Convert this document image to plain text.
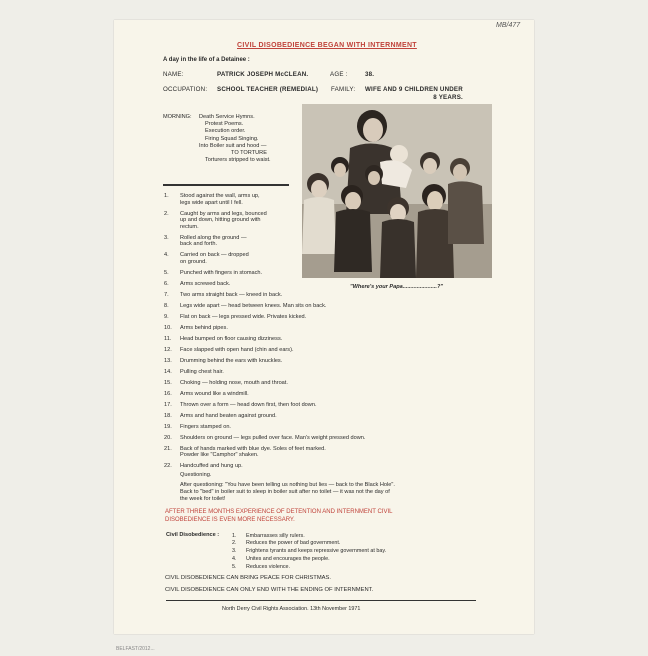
MB/477
BELFAST/2012...
CIVIL DISOBEDIENCE BEGAN WITH INTERNMENT
A day in the life of a Detainee :
NAME:	PATRICK JOSEPH McCLEAN.	AGE :	38.
OCCUPATION: SCHOOL TEACHER (REMEDIAL) FAMILY: WIFE AND 9 CHILDREN UNDER
8 YEARS.
MORNING: Death Service Hymns.
Protest Poems.
Execution order.
Firing Squad Singing.
Into Boiler suit and hood —
TO TORTURE
Torturers stripped to waist.
"Where's your Papa......................?"
1. Stood against the wall, arms up,
legs wide apart until I fell.
2. Caught by arms and legs, bounced
up and down, hitting ground with
rectum.
3. Rolled along the ground —
back and forth.
4. Carried on back — dropped
on ground.
5. Punched with fingers in stomach.
6. Arms screwed back.
7. Two arms straight back — kneed in back.
8. Legs wide apart — head between knees. Man sits on back.
9. Flat on back — legs pressed wide. Privates kicked.
10. Arms behind pipes.
11. Head bumped on floor causing dizziness.
12. Face slapped with open hand (chin and ears).
13. Drumming behind the ears with knuckles.
14. Pulling chest hair.
15. Choking — holding nose, mouth and throat.
16. Arms wound like a windmill.
17. Thrown over a form — head down first, then foot down.
18. Arms and hand beaten against ground.
19. Fingers stamped on.
20. Shoulders on ground — legs pulled over face. Man's weight pressed down.
21. Back of hands marked with blue dye. Soles of feet marked.
Powder like "Camphor" shaken.
22. Handcuffed and hung up.
Questioning.
After questioning: "You have been telling us nothing but lies — back to the Black Hole".
Back to "bed" in boiler suit to sleep in boiler suit after no toilet — it was not the day of
the week for toilet!
AFTER THREE MONTHS EXPERIENCE OF DETENTION AND INTERNMENT CIVIL
DISOBEDIENCE IS EVEN MORE NECESSARY.
Civil Disobedience : 1. Embarrasses silly rulers.
2. Reduces the power of bad government.
3. Frightens tyrants and keeps repressive government at bay.
4. Unites and encourages the people.
5. Reduces violence.
CIVIL DISOBEDIENCE CAN BRING PEACE FOR CHRISTMAS.
CIVIL DISOBEDIENCE CAN ONLY END WITH THE ENDING OF INTERNMENT.
North Derry Civil Rights Association. 13th November 1971
